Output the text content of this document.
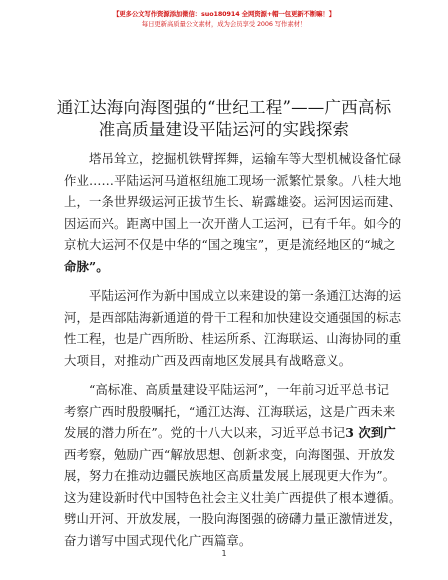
【更多公文写作资源添加微信：suo180914 全网资源+帽一包更新不断嘛！】
每日更新高质量公文素材，成为会员享受 2006 写作素材！
通江达海向海图强的“世纪工程”——广西高标
准高质量建设平陆运河的实践探索
塔吊耸立，挖掘机铁臂挥舞，运输车等大型机械设备忙碌
作业……平陆运河马道枢纽施工现场一派繁忙景象。八桂大地
上，一条世界级运河正拔节生长、崭露雄姿。运河因运而建、
因运而兴。距离中国上一次开凿人工运河，已有千年。如今的
京杭大运河不仅是中华的“国之瑰宝”，更是流经地区的“城之
命脉”。
平陆运河作为新中国成立以来建设的第一条通江达海的运
河，是西部陆海新通道的骨干工程和加快建设交通强国的标志
性工程，也是广西所盼、桂运所系、江海联运、山海协同的重
大项目，对推动广西及西南地区发展具有战略意义。
“高标准、高质量建设平陆运河”，一年前习近平总书记
考察广西时殷殷嘱托，“通江达海、江海联运，这是广西未来
发展的潜力所在”。党的十八大以来，习近平总书记3 次到广
西考察，勉励广西“解放思想、创新求变，向海图强、开放发
展，努力在推动边疆民族地区高质量发展上展现更大作为”。
这为建设新时代中国特色社会主义壮美广西提供了根本遵循。
劈山开河、开放发展，一股向海图强的磅礴力量正激情迸发，
奋力谱写中国式现代化广西篇章。
1
